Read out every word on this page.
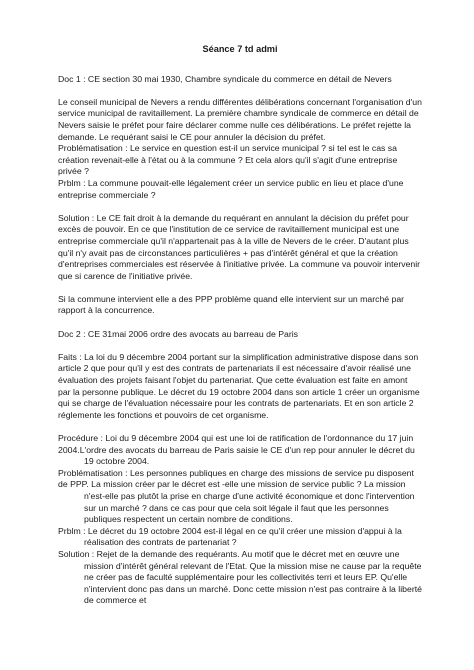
Séance 7 td admi

Doc 1 : CE section 30 mai 1930, Chambre syndicale du commerce en détail de Nevers

Le conseil municipal de Nevers a rendu différentes délibérations concernant l'organisation d'un service municipal de ravitaillement. La première chambre syndicale de commerce en détail de Nevers saisie le préfet pour faire déclarer comme nulle ces délibérations. Le préfet rejette la demande. Le requérant saisi le CE pour annuler la décision du préfet.

Problématisation : Le service en question est-il un service municipal ? si tel est le cas sa création revenait-elle à l'état ou à la commune ? Et cela alors qu'il s'agit d'une entreprise privée ?

Prblm : La commune pouvait-elle légalement créer un service public en lieu et place d'une entreprise commerciale ?

Solution : Le CE fait droit à la demande du requérant en annulant la décision du préfet pour excès de pouvoir. En ce que l'institution de ce service de ravitaillement municipal est une entreprise commerciale qu'il n'appartenait pas à la ville de Nevers de le créer. D'autant plus qu'il n'y avait pas de circonstances particulières + pas d'intérêt général et que la création d'entreprises commerciales est réservée à l'initiative privée. La commune va pouvoir intervenir que si carence de l'initiative privée.

Si la commune intervient elle a des PPP problème quand elle intervient sur un marché par rapport à la concurrence.

Doc 2 : CE 31mai 2006 ordre des avocats au barreau de Paris

Faits : La loi du 9 décembre 2004 portant sur la simplification administrative dispose dans son article 2 que pour qu'il y est des contrats de partenariats il est nécessaire d'avoir réalisé une évaluation des projets faisant l'objet du partenariat. Que cette évaluation est faite en amont par la personne publique. Le décret du 19 octobre 2004 dans son article 1 créer un organisme qui se charge de l'évaluation nécessaire pour les contrats de partenariats. Et en son article 2 réglemente les fonctions et pouvoirs de cet organisme.

Procédure : Loi du 9 décembre 2004 qui est une loi de ratification de l'ordonnance du 17 juin 2004.L'ordre des avocats du barreau de Paris saisie le CE d'un rep pour annuler le décret du

19 octobre 2004.

Problématisation : Les personnes publiques en charge des missions de service pu disposent de PPP. La mission créer par le décret est -elle une mission de service public ? La mission

n'est-elle pas plutôt la prise en charge d'une activité économique et donc l'intervention sur un marché ? dans ce cas pour que cela soit légale il faut que les personnes publiques respectent un certain nombre de conditions.

Prblm : Le décret du 19 octobre 2004 est-il légal en ce qu'il créer une mission d'appui à la

réalisation des contrats de partenariat ?

Solution : Rejet de la demande des requérants. Au motif que le décret met en œuvre une

mission d'intérêt général relevant de l'Etat. Que la mission mise ne cause par la requête ne créer pas de faculté supplémentaire pour les collectivités terri et leurs EP. Qu'elle n'intervient donc pas dans un marché. Donc cette mission n'est pas contraire à la liberté de commerce et
